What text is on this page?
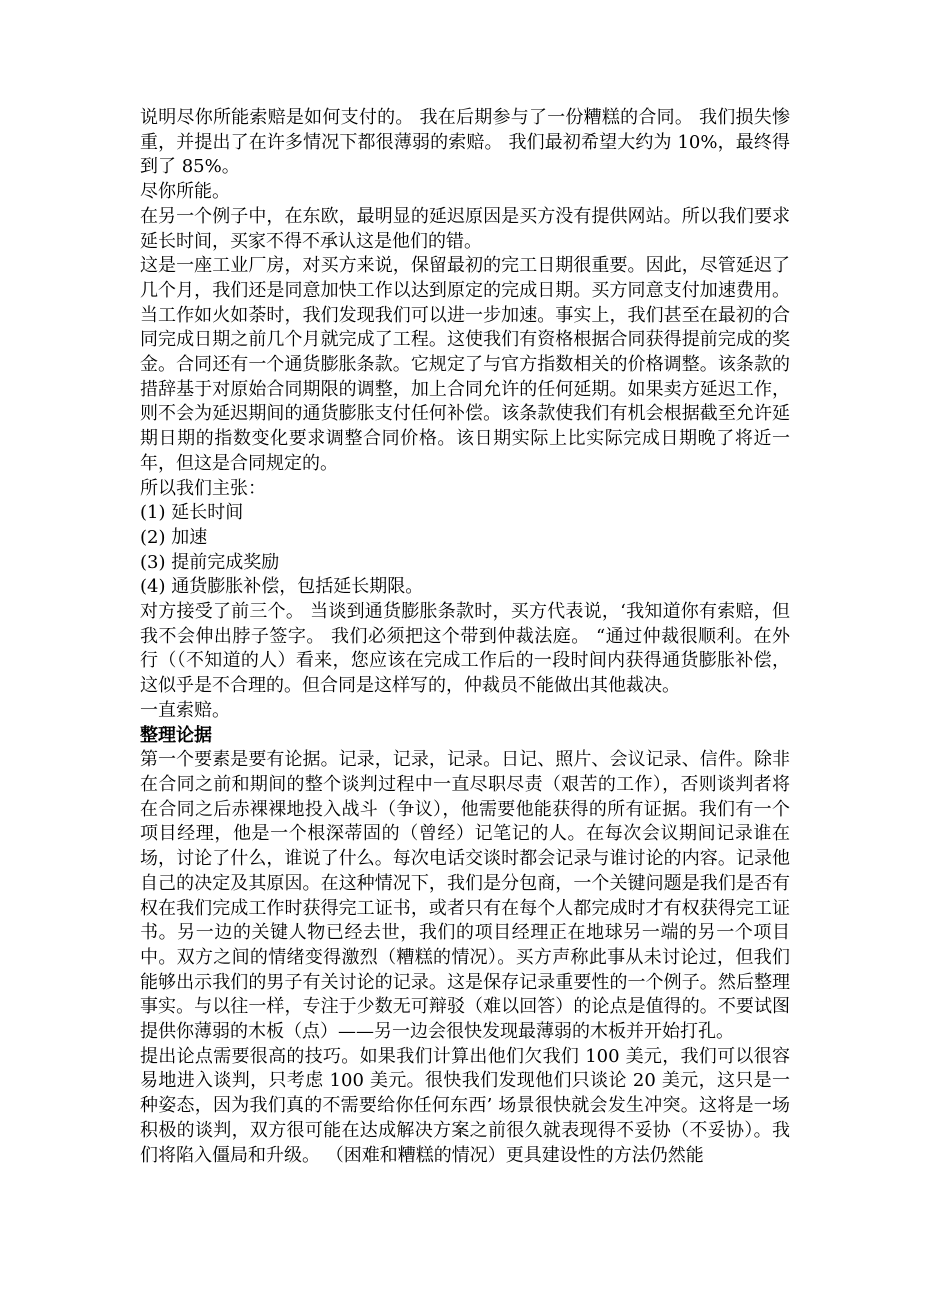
说明尽你所能索赔是如何支付的。 我在后期参与了一份糟糕的合同。 我们损失惨重，并提出了在许多情况下都很薄弱的索赔。 我们最初希望大约为 10%，最终得到了 85%。

尽你所能。

在另一个例子中，在东欧，最明显的延迟原因是买方没有提供网站。所以我们要求延长时间，买家不得不承认这是他们的错。

这是一座工业厂房，对买方来说，保留最初的完工日期很重要。因此，尽管延迟了几个月，我们还是同意加快工作以达到原定的完成日期。买方同意支付加速费用。当工作如火如荼时，我们发现我们可以进一步加速。事实上，我们甚至在最初的合同完成日期之前几个月就完成了工程。这使我们有资格根据合同获得提前完成的奖金。合同还有一个通货膨胀条款。它规定了与官方指数相关的价格调整。该条款的措辞基于对原始合同期限的调整，加上合同允许的任何延期。如果卖方延迟工作，则不会为延迟期间的通货膨胀支付任何补偿。该条款使我们有机会根据截至允许延期日期的指数变化要求调整合同价格。该日期实际上比实际完成日期晚了将近一年，但这是合同规定的。

所以我们主张：

(1) 延长时间

(2) 加速

(3) 提前完成奖励

(4) 通货膨胀补偿，包括延长期限。

对方接受了前三个。 当谈到通货膨胀条款时，买方代表说，‘我知道你有索赔，但我不会伸出脖子签字。 我们必须把这个带到仲裁法庭。 “通过仲裁很顺利。在外行（（不知道的人）看来，您应该在完成工作后的一段时间内获得通货膨胀补偿，这似乎是不合理的。但合同是这样写的，仲裁员不能做出其他裁决。

一直索赔。

整理论据

第一个要素是要有论据。记录，记录，记录。日记、照片、会议记录、信件。除非在合同之前和期间的整个谈判过程中一直尽职尽责（艰苦的工作），否则谈判者将在合同之后赤裸裸地投入战斗（争议），他需要他能获得的所有证据。我们有一个项目经理，他是一个根深蒂固的（曾经）记笔记的人。在每次会议期间记录谁在场，讨论了什么，谁说了什么。每次电话交谈时都会记录与谁讨论的内容。记录他自己的决定及其原因。在这种情况下，我们是分包商，一个关键问题是我们是否有权在我们完成工作时获得完工证书，或者只有在每个人都完成时才有权获得完工证书。另一边的关键人物已经去世，我们的项目经理正在地球另一端的另一个项目中。双方之间的情绪变得激烈（糟糕的情况）。买方声称此事从未讨论过，但我们能够出示我们的男子有关讨论的记录。这是保存记录重要性的一个例子。然后整理事实。与以往一样，专注于少数无可辩驳（难以回答）的论点是值得的。不要试图提供你薄弱的木板（点）——另一边会很快发现最薄弱的木板并开始打孔。

提出论点需要很高的技巧。如果我们计算出他们欠我们 100 美元，我们可以很容易地进入谈判，只考虑 100 美元。很快我们发现他们只谈论 20 美元，这只是一种姿态，因为我们真的不需要给你任何东西’ 场景很快就会发生冲突。这将是一场积极的谈判，双方很可能在达成解决方案之前很久就表现得不妥协（不妥协）。我们将陷入僵局和升级。 （困难和糟糕的情况）更具建设性的方法仍然能
